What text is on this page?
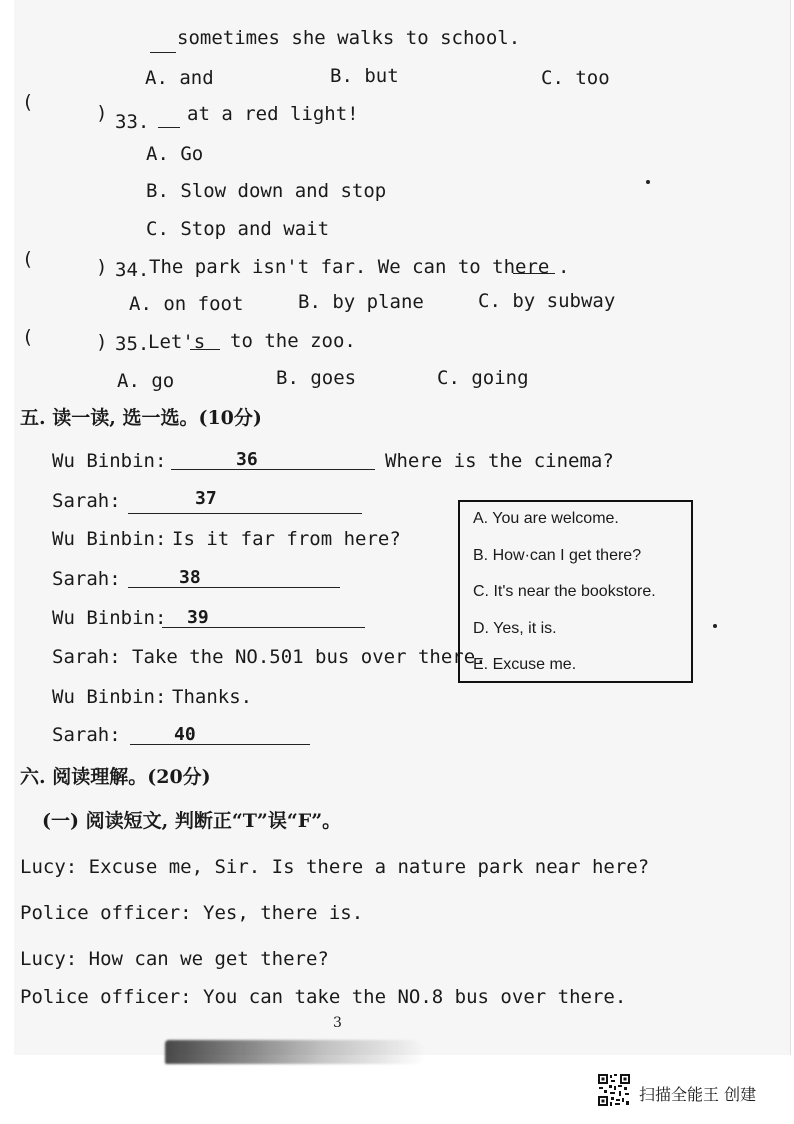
sometimes she walks to school.
A. and	B. but	C. too
(	) 33. at a red light!
A. Go
B. Slow down and stop
C. Stop and wait
(	) 34. The park isn't far. We can to there .
A. on foot	B. by plane	C. by subway
(	) 35.
Let's to the zoo.
A. go	B. goes	C. going
五. 读一读, 选一选。(10分)
Wu Binbin:	36	Where is the cinema?
Sarah:	37
Wu Binbin: Is it far from here?
Sarah:	38
Wu Binbin: 39
Sarah: Take the NO.501 bus over there.
Wu Binbin: Thanks.
Sarah:	40
A. You are welcome.
B. How·can I get there?
C. It's near the bookstore.
D. Yes, it is.
E. Excuse me.
六. 阅读理解。(20分)
(一) 阅读短文, 判断正“T”误“F”。
Lucy: Excuse me, Sir. Is there a nature park near here?
Police officer: Yes, there is.
Lucy: How can we get there?
Police officer: You can take the NO.8 bus over there.
3
扫描全能王 创建
